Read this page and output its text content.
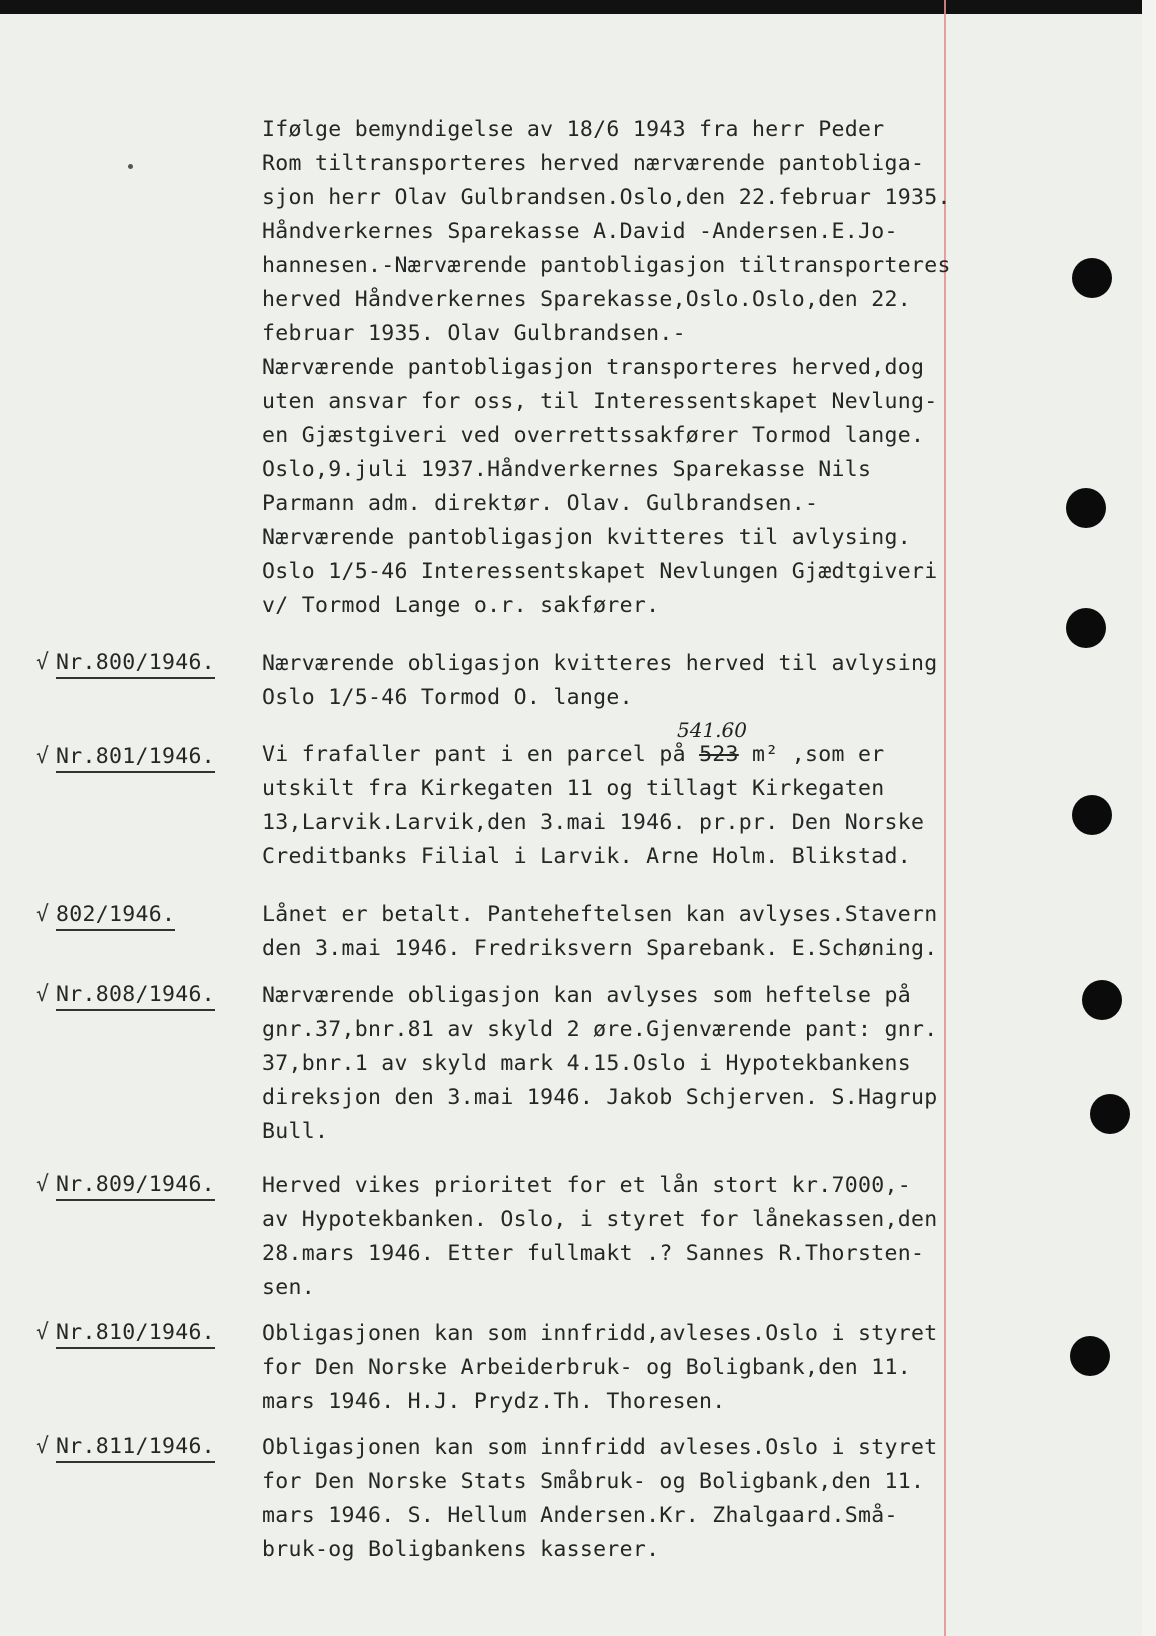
Ifølge bemyndigelse av 18/6 1943 fra herr Peder
Rom tiltransporteres herved nærværende pantobliga-
sjon herr Olav Gulbrandsen.Oslo,den 22.februar 1935.
Håndverkernes Sparekasse A.David -Andersen.E.Jo-
hannesen.-Nærværende pantobligasjon tiltransporteres
herved Håndverkernes Sparekasse,Oslo.Oslo,den 22.
februar 1935. Olav Gulbrandsen.-
Nærværende pantobligasjon transporteres herved,dog
uten ansvar for oss, til Interessentskapet Nevlung-
en Gjæstgiveri ved overrettssakfører Tormod lange.
Oslo,9.juli 1937.Håndverkernes Sparekasse Nils
Parmann adm. direktør. Olav. Gulbrandsen.-
Nærværende pantobligasjon kvitteres til avlysing.
Oslo 1/5-46 Interessentskapet Nevlungen Gjædtgiveri
v/ Tormod Lange o.r. sakfører.
√ Nr.800/1946. Nærværende obligasjon kvitteres herved til avlysing
Oslo 1/5-46 Tormod O. lange.
√ Nr.801/1946.
541.60
Vi frafaller pant i en parcel på 523 m² ,som er
utskilt fra Kirkegaten 11 og tillagt Kirkegaten
13,Larvik.Larvik,den 3.mai 1946. pr.pr. Den Norske
Creditbanks Filial i Larvik. Arne Holm. Blikstad.
√ 802/1946.	Lånet er betalt. Panteheftelsen kan avlyses.Stavern
den 3.mai 1946. Fredriksvern Sparebank. E.Schøning.
√ Nr.808/1946. Nærværende obligasjon kan avlyses som heftelse på
gnr.37,bnr.81 av skyld 2 øre.Gjenværende pant: gnr.
37,bnr.1 av skyld mark 4.15.Oslo i Hypotekbankens
direksjon den 3.mai 1946. Jakob Schjerven. S.Hagrup
Bull.
√ Nr.809/1946. Herved vikes prioritet for et lån stort kr.7000,-
av Hypotekbanken. Oslo, i styret for lånekassen,den
28.mars 1946. Etter fullmakt .? Sannes R.Thorsten-
sen.
√ Nr.810/1946. Obligasjonen kan som innfridd,avleses.Oslo i styret
for Den Norske Arbeiderbruk- og Boligbank,den 11.
mars 1946. H.J. Prydz.Th. Thoresen.
√ Nr.811/1946. Obligasjonen kan som innfridd avleses.Oslo i styret
for Den Norske Stats Småbruk- og Boligbank,den 11.
mars 1946. S. Hellum Andersen.Kr. Zhalgaard.Små-
bruk-og Boligbankens kasserer.
